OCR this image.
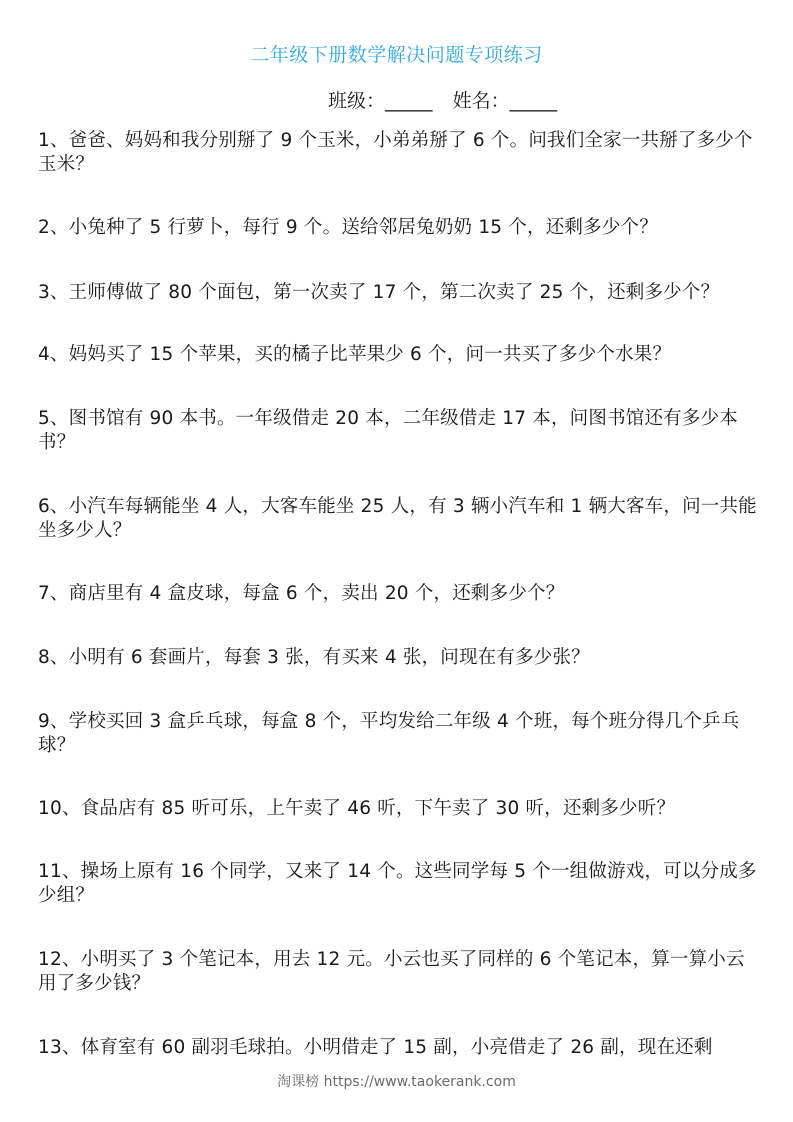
二年级下册数学解决问题专项练习
班级：_____ 姓名：_____
1、爸爸、妈妈和我分别掰了 9 个玉米，小弟弟掰了 6 个。问我们全家一共掰了多少个玉米？
2、小兔种了 5 行萝卜，每行 9 个。送给邻居兔奶奶 15 个，还剩多少个？
3、王师傅做了 80 个面包，第一次卖了 17 个，第二次卖了 25 个，还剩多少个？
4、妈妈买了 15 个苹果，买的橘子比苹果少 6 个，问一共买了多少个水果？
5、图书馆有 90 本书。一年级借走 20 本，二年级借走 17 本，问图书馆还有多少本书？
6、小汽车每辆能坐 4 人，大客车能坐 25 人，有 3 辆小汽车和 1 辆大客车，问一共能坐多少人？
7、商店里有 4 盒皮球，每盒 6 个，卖出 20 个，还剩多少个？
8、小明有 6 套画片，每套 3 张，有买来 4 张，问现在有多少张？
9、学校买回 3 盒乒乓球，每盒 8 个，平均发给二年级 4 个班，每个班分得几个乒乓球？
10、食品店有 85 听可乐，上午卖了 46 听，下午卖了 30 听，还剩多少听？
11、操场上原有 16 个同学，又来了 14 个。这些同学每 5 个一组做游戏，可以分成多少组？
12、小明买了 3 个笔记本，用去 12 元。小云也买了同样的 6 个笔记本，算一算小云用了多少钱？
13、体育室有 60 副羽毛球拍。小明借走了 15 副，小亮借走了 26 副，现在还剩
淘课榜 https://www.taokerank.com
